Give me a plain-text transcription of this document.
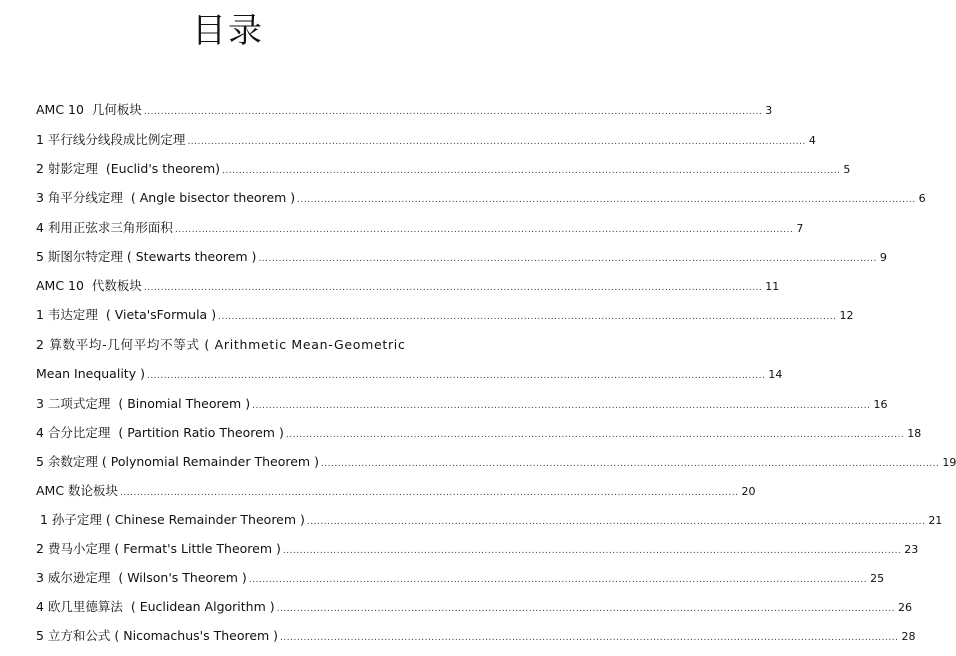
目录
AMC 10  几何板块 ........................................................................................................................................................................................ 3
1 平行线分线段成比例定理 ........................................................................................................................................................................................ 4
2 射影定理  (Euclid's theorem) ........................................................................................................................................................................................ 5
3 角平分线定理  ( Angle bisector theorem ) ........................................................................................................................................................................................ 6
4 利用正弦求三角形面积 ........................................................................................................................................................................................ 7
5 斯图尔特定理 ( Stewarts theorem ) ........................................................................................................................................................................................ 9
AMC 10  代数板块 ........................................................................................................................................................................................ 11
1 韦达定理  ( Vieta'sFormula ) ........................................................................................................................................................................................ 12
2 算数平均-几何平均不等式 ( Arithmetic Mean-Geometric
Mean Inequality ) ........................................................................................................................................................................................ 14
3 二项式定理  ( Binomial Theorem ) ........................................................................................................................................................................................ 16
4 合分比定理  ( Partition Ratio Theorem ) ........................................................................................................................................................................................ 18
5 余数定理 ( Polynomial Remainder Theorem ) ........................................................................................................................................................................................ 19
AMC 数论板块 ........................................................................................................................................................................................ 20
1 孙子定理 ( Chinese Remainder Theorem ) ........................................................................................................................................................................................ 21
2 费马小定理 ( Fermat's Little Theorem ) ........................................................................................................................................................................................ 23
3 威尔逊定理  ( Wilson's Theorem ) ........................................................................................................................................................................................ 25
4 欧几里德算法  ( Euclidean Algorithm ) ........................................................................................................................................................................................ 26
5 立方和公式 ( Nicomachus's Theorem ) ........................................................................................................................................................................................ 28
